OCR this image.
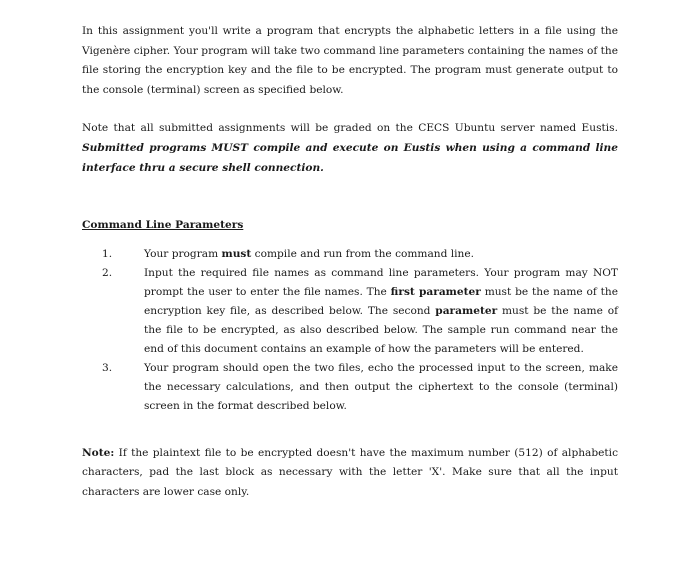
In this assignment you'll write a program that encrypts the alphabetic letters in a file using the Vigenère cipher. Your program will take two command line parameters containing the names of the file storing the encryption key and the file to be encrypted. The program must generate output to the console (terminal) screen as specified below.

Note that all submitted assignments will be graded on the CECS Ubuntu server named Eustis. Submitted programs MUST compile and execute on Eustis when using a command line interface thru a secure shell connection.

Command Line Parameters
1.	Your program must compile and run from the command line.
2.	Input the required file names as command line parameters. Your program may NOT prompt the user to enter the file names. The first parameter must be the name of the encryption key file, as described below. The second parameter must be the name of the file to be encrypted, as also described below. The sample run command near the end of this document contains an example of how the parameters will be entered.
3.	Your program should open the two files, echo the processed input to the screen, make the necessary calculations, and then output the ciphertext to the console (terminal) screen in the format described below.

Note: If the plaintext file to be encrypted doesn't have the maximum number (512) of alphabetic characters, pad the last block as necessary with the letter 'X'. Make sure that all the input characters are lower case only.
